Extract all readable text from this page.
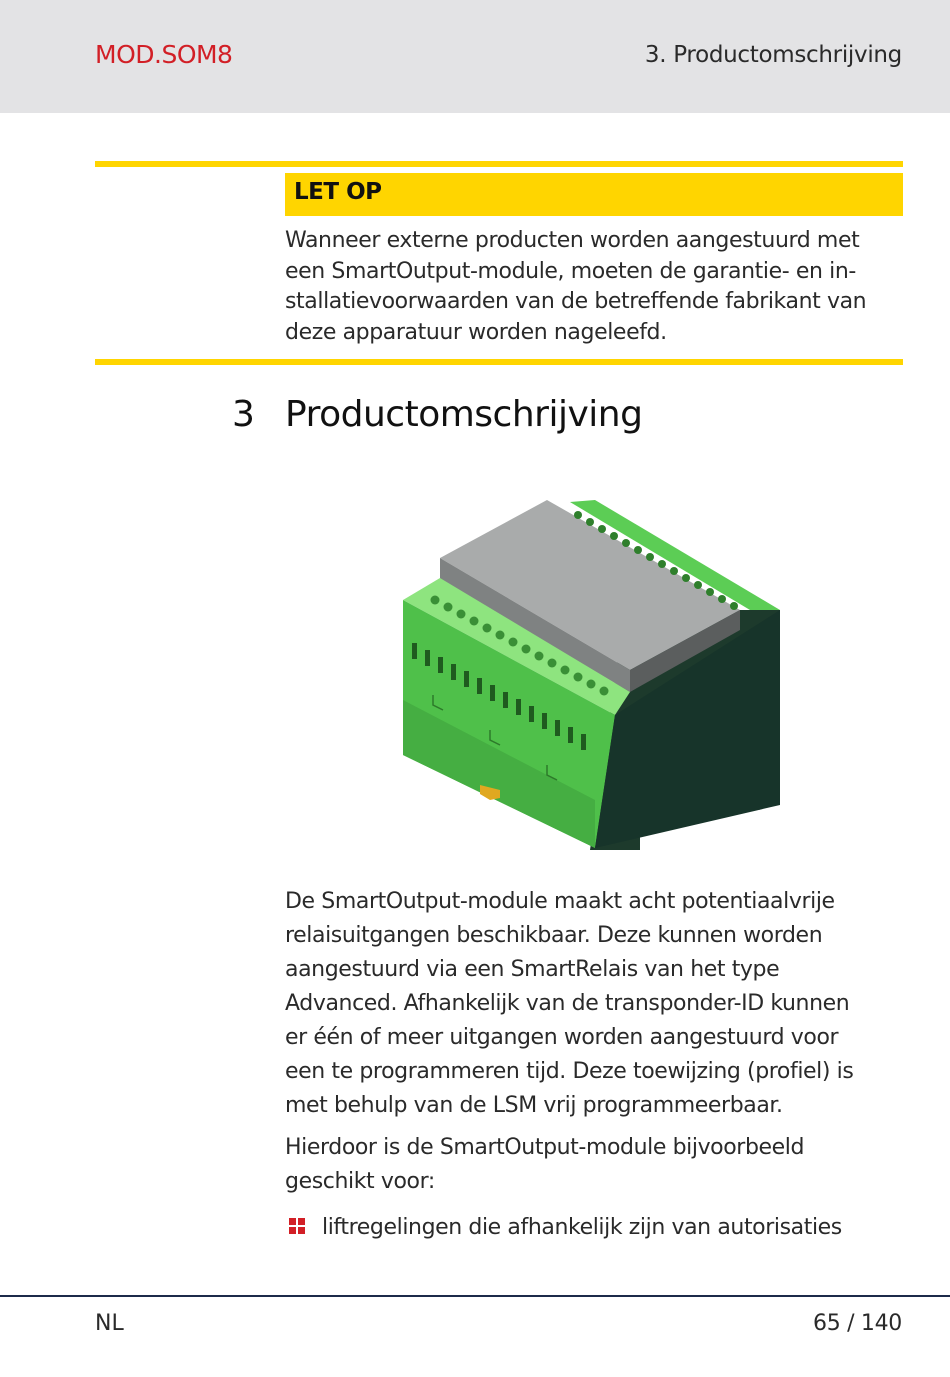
MOD.SOM8	3. Productomschrijving
LET OP
Wanneer externe producten worden aangestuurd met
een SmartOutput-module, moeten de garantie- en in-
stallatievoorwaarden van de betreffende fabrikant van
deze apparatuur worden nageleefd.
3 Productomschrijving
De SmartOutput-module maakt acht potentiaalvrije
relaisuitgangen beschikbaar. Deze kunnen worden
aangestuurd via een SmartRelais van het type
Advanced. Afhankelijk van de transponder-ID kunnen
er één of meer uitgangen worden aangestuurd voor
een te programmeren tijd. Deze toewijzing (profiel) is
met behulp van de LSM vrij programmeerbaar.
Hierdoor is de SmartOutput-module bijvoorbeeld
geschikt voor:
liftregelingen die afhankelijk zijn van autorisaties
NL	65 / 140
